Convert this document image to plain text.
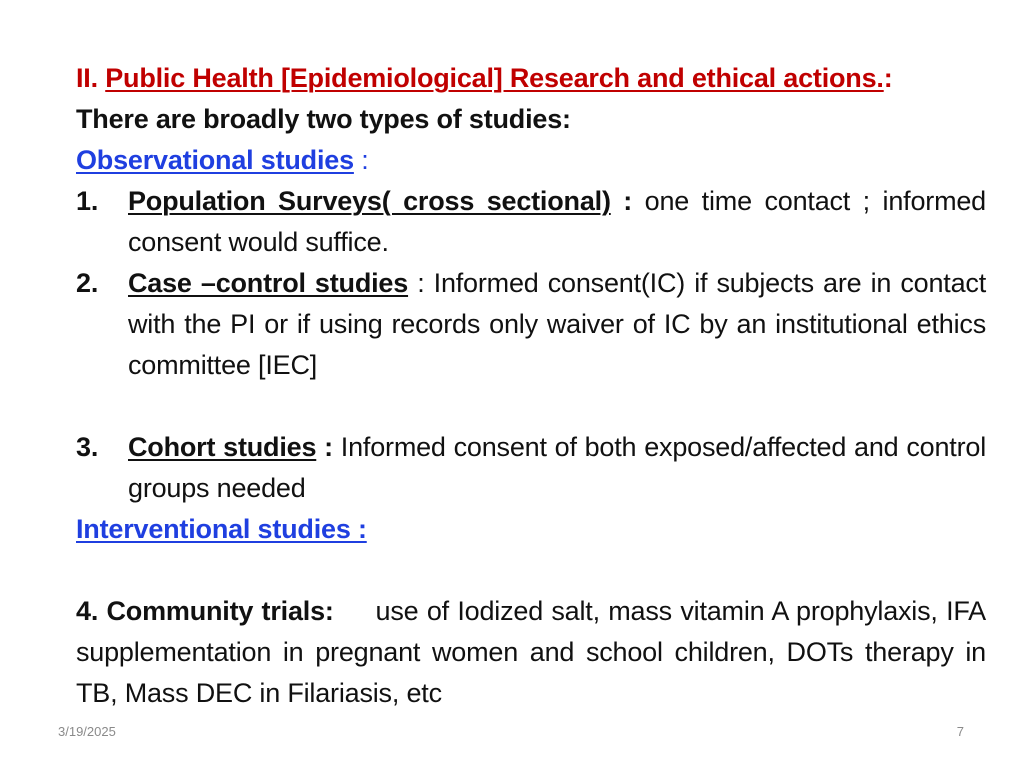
II. Public Health [Epidemiological] Research and ethical actions.:
There are broadly two types of studies:
Observational studies :
1.	Population Surveys( cross sectional) : one time contact ; informed consent would suffice.
2.	Case –control studies : Informed consent(IC) if subjects are in contact with the PI or if using records only waiver of IC by an institutional ethics committee [IEC]
3.	Cohort studies : Informed consent of both exposed/affected and control groups needed
Interventional studies :
4. Community trials: use of Iodized salt, mass vitamin A prophylaxis, IFA supplementation in pregnant women and school children, DOTs therapy in TB, Mass DEC in Filariasis, etc
3/19/2025	7
